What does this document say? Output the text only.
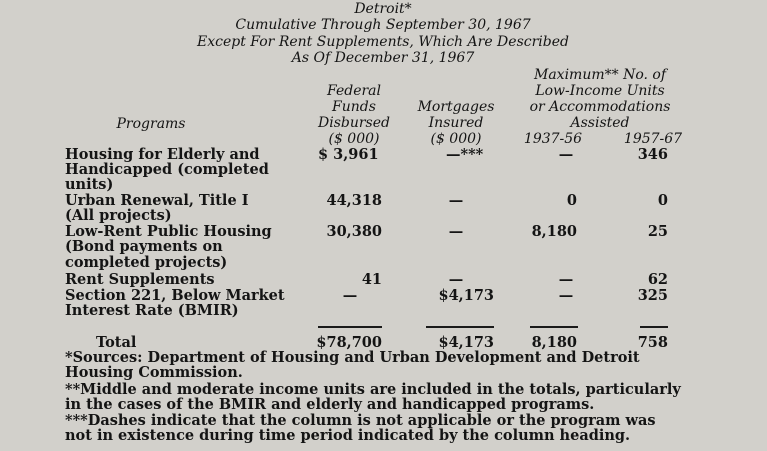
Detroit*
Cumulative Through September 30, 1967
Except For Rent Supplements, Which Are Described
As Of December 31, 1967
Maximum** No. of
Low-Income Units
or Accommodations
Assisted
Federal
Funds
Disbursed
($ 000)
Mortgages
Insured
($ 000)
Programs
1937-56	1957-67
Housing for Elderly and
Handicapped (completed
units)
$ 3,961	—***	—	346
Urban Renewal, Title I
(All projects)
44,318	—	0	0
Low-Rent Public Housing
(Bond payments on
completed projects)
30,380	—	8,180	25
Rent Supplements	41	—	—	62
Section 221, Below Market
Interest Rate (BMIR)
—	$4,173	—	325
Total	$78,700	$4,173	8,180	758
*Sources: Department of Housing and Urban Development and Detroit
Housing Commission.
**Middle and moderate income units are included in the totals, particularly
in the cases of the BMIR and elderly and handicapped programs.
***Dashes indicate that the column is not applicable or the program was
not in existence during time period indicated by the column heading.
